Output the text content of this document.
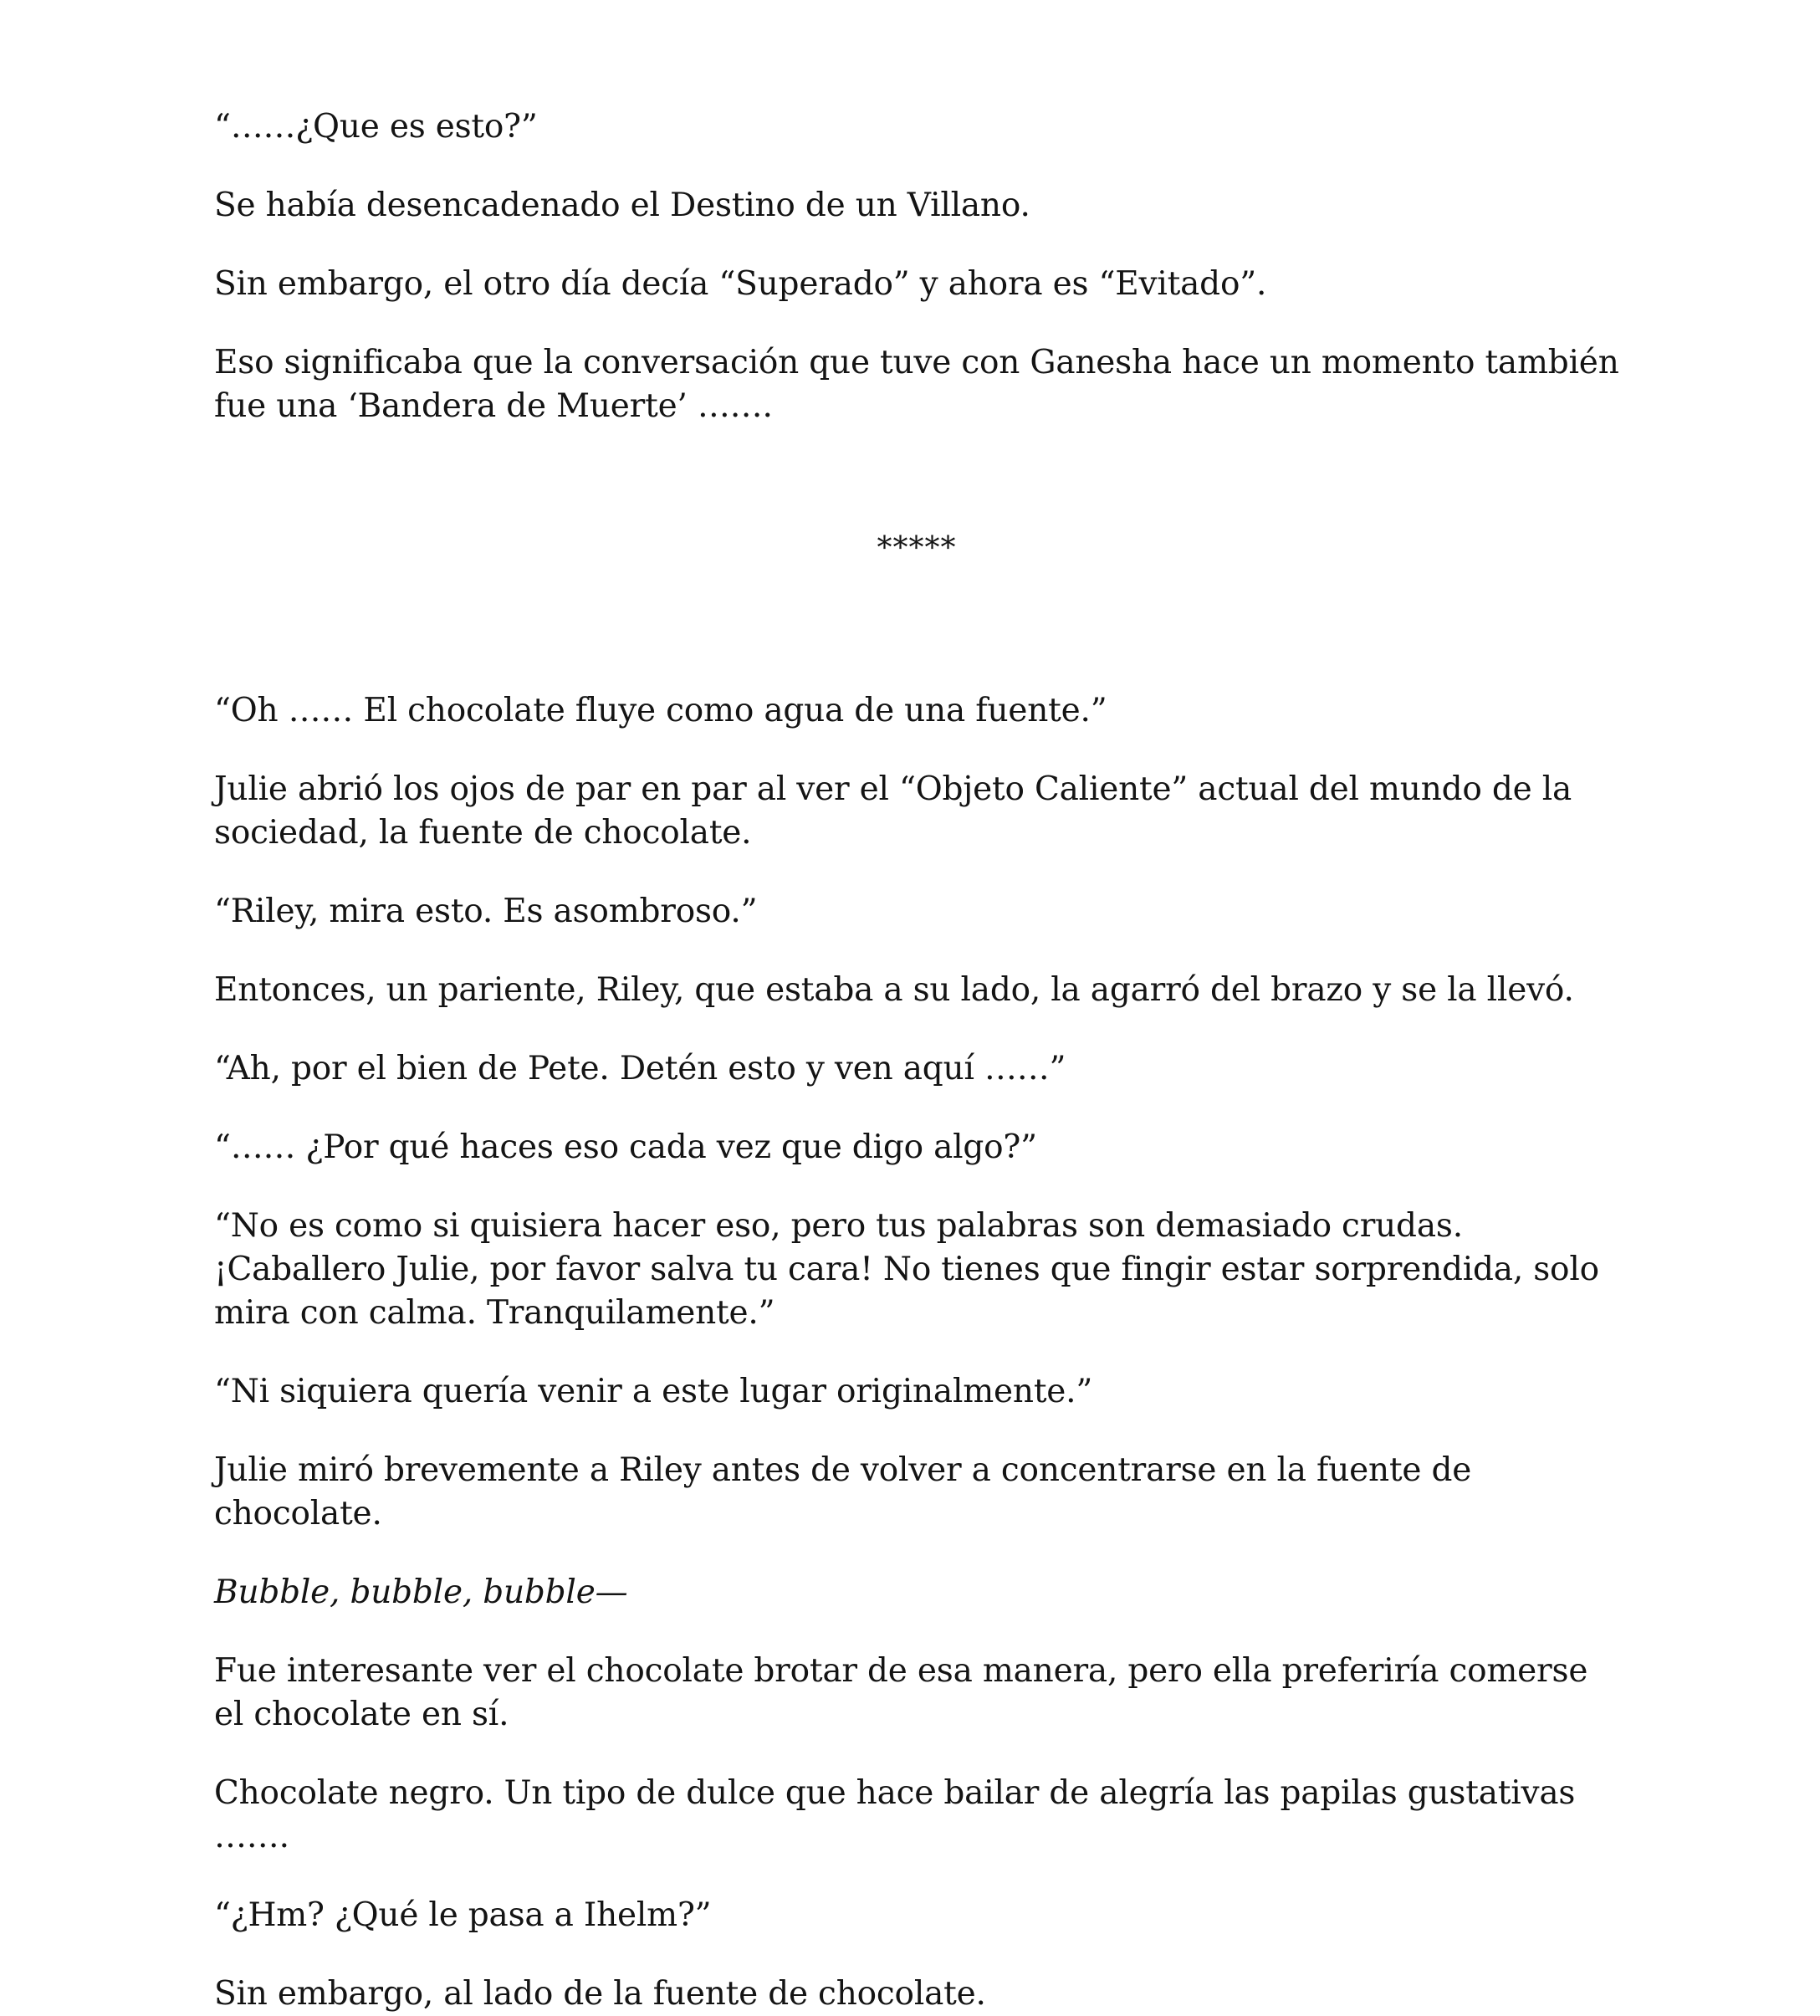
“……¿Que es esto?”

Se había desencadenado el Destino de un Villano.

Sin embargo, el otro día decía “Superado” y ahora es “Evitado”.

Eso significaba que la conversación que tuve con Ganesha hace un momento también fue una ‘Bandera de Muerte’ …….

*****

“Oh …… El chocolate fluye como agua de una fuente.”

Julie abrió los ojos de par en par al ver el “Objeto Caliente” actual del mundo de la sociedad, la fuente de chocolate.

“Riley, mira esto. Es asombroso.”

Entonces, un pariente, Riley, que estaba a su lado, la agarró del brazo y se la llevó.

“Ah, por el bien de Pete. Detén esto y ven aquí ……”

“…… ¿Por qué haces eso cada vez que digo algo?”

“No es como si quisiera hacer eso, pero tus palabras son demasiado crudas. ¡Caballero Julie, por favor salva tu cara! No tienes que fingir estar sorprendida, solo mira con calma. Tranquilamente.”

“Ni siquiera quería venir a este lugar originalmente.”

Julie miró brevemente a Riley antes de volver a concentrarse en la fuente de chocolate.

Bubble, bubble, bubble—

Fue interesante ver el chocolate brotar de esa manera, pero ella preferiría comerse el chocolate en sí.

Chocolate negro. Un tipo de dulce que hace bailar de alegría las papilas gustativas …….

“¿Hm? ¿Qué le pasa a Ihelm?”

Sin embargo, al lado de la fuente de chocolate.
